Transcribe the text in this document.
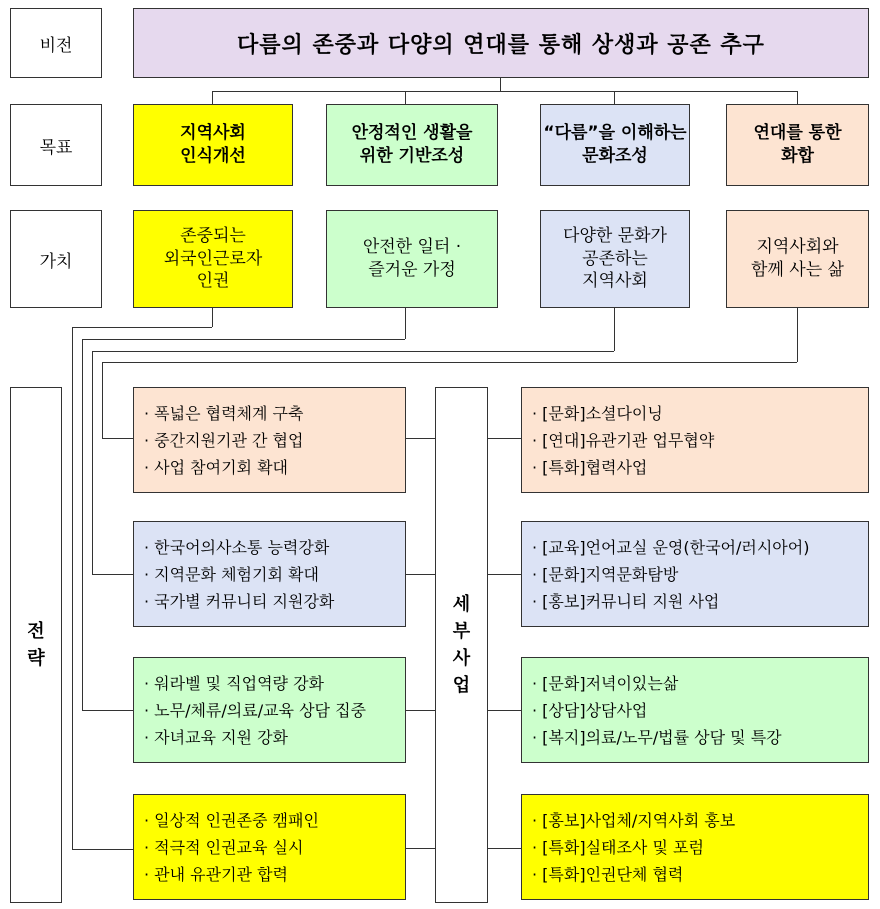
비전
목표
가치
전
략
다름의 존중과 다양의 연대를 통해 상생과 공존 추구
지역사회
인식개선
안정적인 생활을
위한 기반조성
“다름”을 이해하는
문화조성
연대를 통한
화합
존중되는
외국인근로자
인권
안전한 일터 ·
즐거운 가정
다양한 문화가
공존하는
지역사회
지역사회와
함께 사는 삶
· 폭넓은 협력체계 구축
· 중간지원기관 간 협업
· 사업 참여기회 확대
· 한국어의사소통 능력강화
· 지역문화 체험기회 확대
· 국가별 커뮤니티 지원강화
· 워라벨 및 직업역량 강화
· 노무/체류/의료/교육 상담 집중
· 자녀교육 지원 강화
· 일상적 인권존중 캠패인
· 적극적 인권교육 실시
· 관내 유관기관 합력
세
부
사
업
· [문화]소셜다이닝
· [연대]유관기관 업무협약
· [특화]협력사업
· [교육]언어교실 운영(한국어/러시아어)
· [문화]지역문화탐방
· [홍보]커뮤니티 지원 사업
· [문화]저녁이있는삶
· [상담]상담사업
· [복지]의료/노무/법률 상담 및 특강
· [홍보]사업체/지역사회 홍보
· [특화]실태조사 및 포럼
· [특화]인권단체 협력
